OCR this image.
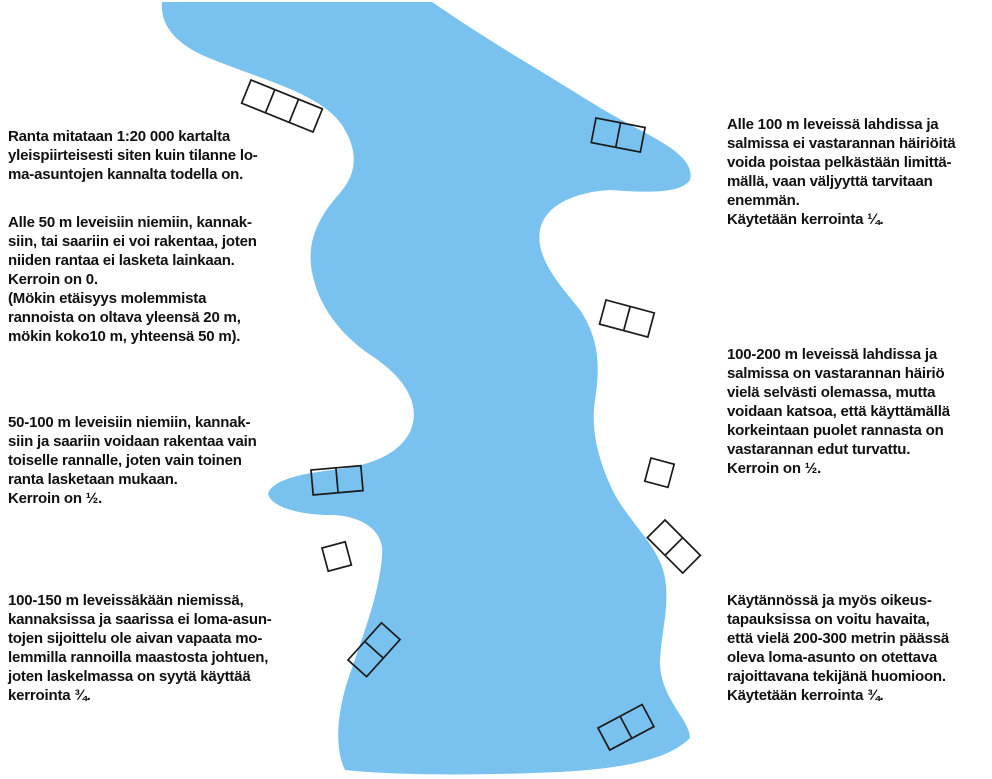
Ranta mitataan 1:20 000 kartalta
yleispiirteisesti siten kuin tilanne lo-
ma-asuntojen kannalta todella on.

Alle 50 m leveisiin niemiin, kannak-
siin, tai saariin ei voi rakentaa, joten
niiden rantaa ei lasketa lainkaan.
Kerroin on 0.
(Mökin etäisyys molemmista
rannoista on oltava yleensä 20 m,
mökin koko10 m, yhteensä 50 m).

50-100 m leveisiin niemiin, kannak-
siin ja saariin voidaan rakentaa vain
toiselle rannalle, joten vain toinen
ranta lasketaan mukaan.
Kerroin on ½.

100-150 m leveissäkään niemissä,
kannaksissa ja saarissa ei loma-asun-
tojen sijoittelu ole aivan vapaata mo-
lemmilla rannoilla maastosta johtuen,
joten laskelmassa on syytä käyttää
kerrointa ¾.

Alle 100 m leveissä lahdissa ja
salmissa ei vastarannan häiriöitä
voida poistaa pelkästään limittä-
mällä, vaan väljyyttä tarvitaan
enemmän.
Käytetään kerrointa ¼.

100-200 m leveissä lahdissa ja
salmissa on vastarannan häiriö
vielä selvästi olemassa, mutta
voidaan katsoa, että käyttämällä
korkeintaan puolet rannasta on
vastarannan edut turvattu.
Kerroin on ½.

Käytännössä ja myös oikeus-
tapauksissa on voitu havaita,
että vielä 200-300 metrin päässä
oleva loma-asunto on otettava
rajoittavana tekijänä huomioon.
Käytetään kerrointa ¾.
